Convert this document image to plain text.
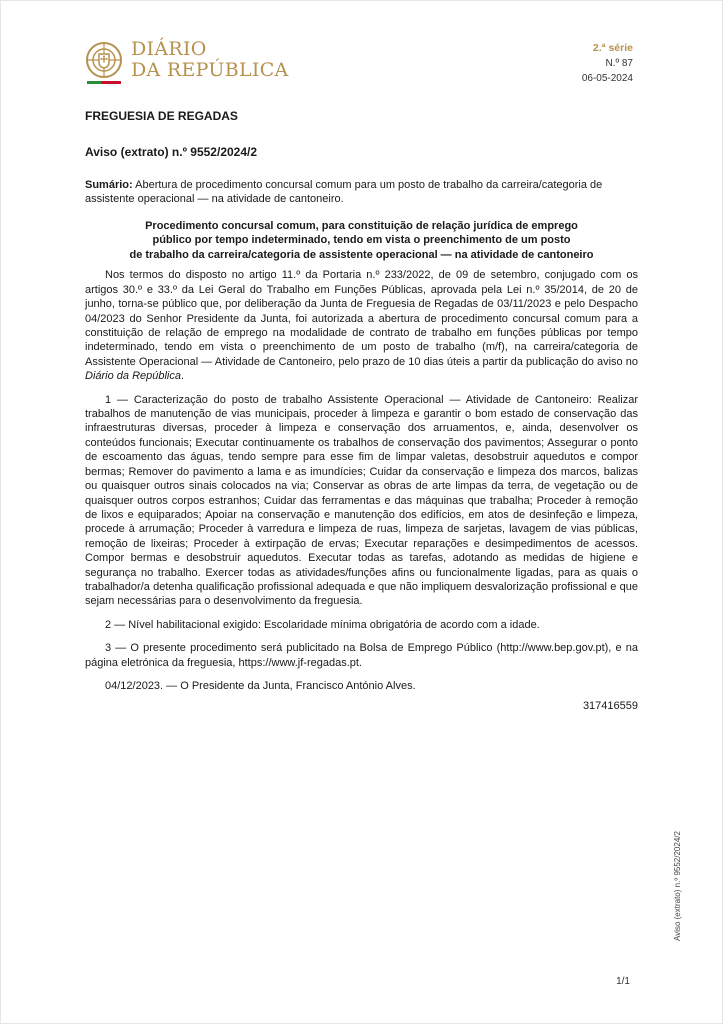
DIÁRIO
DA REPÚBLICA
2.ª série
N.º 87
06-05-2024

FREGUESIA DE REGADAS

Aviso (extrato) n.º 9552/2024/2

Sumário: Abertura de procedimento concursal comum para um posto de trabalho da carreira/categoria de assistente operacional — na atividade de cantoneiro.

Procedimento concursal comum, para constituição de relação jurídica de emprego
público por tempo indeterminado, tendo em vista o preenchimento de um posto
de trabalho da carreira/categoria de assistente operacional — na atividade de cantoneiro

Nos termos do disposto no artigo 11.º da Portaria n.º 233/2022, de 09 de setembro, conjugado com os artigos 30.º e 33.º da Lei Geral do Trabalho em Funções Públicas, aprovada pela Lei n.º 35/2014, de 20 de junho, torna-se público que, por deliberação da Junta de Freguesia de Regadas de 03/11/2023 e pelo Despacho 04/2023 do Senhor Presidente da Junta, foi autorizada a abertura de procedimento concursal comum para a constituição de relação de emprego na modalidade de contrato de trabalho em funções públicas por tempo indeterminado, tendo em vista o preenchimento de um posto de trabalho (m/f), na carreira/categoria de Assistente Operacional — Atividade de Cantoneiro, pelo prazo de 10 dias úteis a partir da publicação do aviso no Diário da República.

1 — Caracterização do posto de trabalho Assistente Operacional — Atividade de Cantoneiro: Realizar trabalhos de manutenção de vias municipais, proceder à limpeza e garantir o bom estado de conservação das infraestruturas diversas, proceder à limpeza e conservação dos arruamentos, e, ainda, desenvolver os conteúdos funcionais; Executar continuamente os trabalhos de conservação dos pavimentos; Assegurar o ponto de escoamento das águas, tendo sempre para esse fim de limpar valetas, desobstruir aquedutos e compor bermas; Remover do pavimento a lama e as imundícies; Cuidar da conservação e limpeza dos marcos, balizas ou quaisquer outros sinais colocados na via; Conservar as obras de arte limpas da terra, de vegetação ou de quaisquer outros corpos estranhos; Cuidar das ferramentas e das máquinas que trabalha; Proceder à remoção de lixos e equiparados; Apoiar na conservação e manutenção dos edifícios, em atos de desinfeção e limpeza, procede à arrumação; Proceder à varredura e limpeza de ruas, limpeza de sarjetas, lavagem de vias públicas, remoção de lixeiras; Proceder à extirpação de ervas; Executar reparações e desimpedimentos de acessos. Compor bermas e desobstruir aquedutos. Executar todas as tarefas, adotando as medidas de higiene e segurança no trabalho. Exercer todas as atividades/funções afins ou funcionalmente ligadas, para as quais o trabalhador/a detenha qualificação profissional adequada e que não impliquem desvalorização profissional e que sejam necessárias para o desenvolvimento da freguesia.

2 — Nível habilitacional exigido: Escolaridade mínima obrigatória de acordo com a idade.

3 — O presente procedimento será publicitado na Bolsa de Emprego Público (http://www.bep.gov.pt), e na página eletrónica da freguesia, https://www.jf-regadas.pt.

04/12/2023. — O Presidente da Junta, Francisco António Alves.

317416559

Aviso (extrato) n.º 9552/2024/2
1/1
